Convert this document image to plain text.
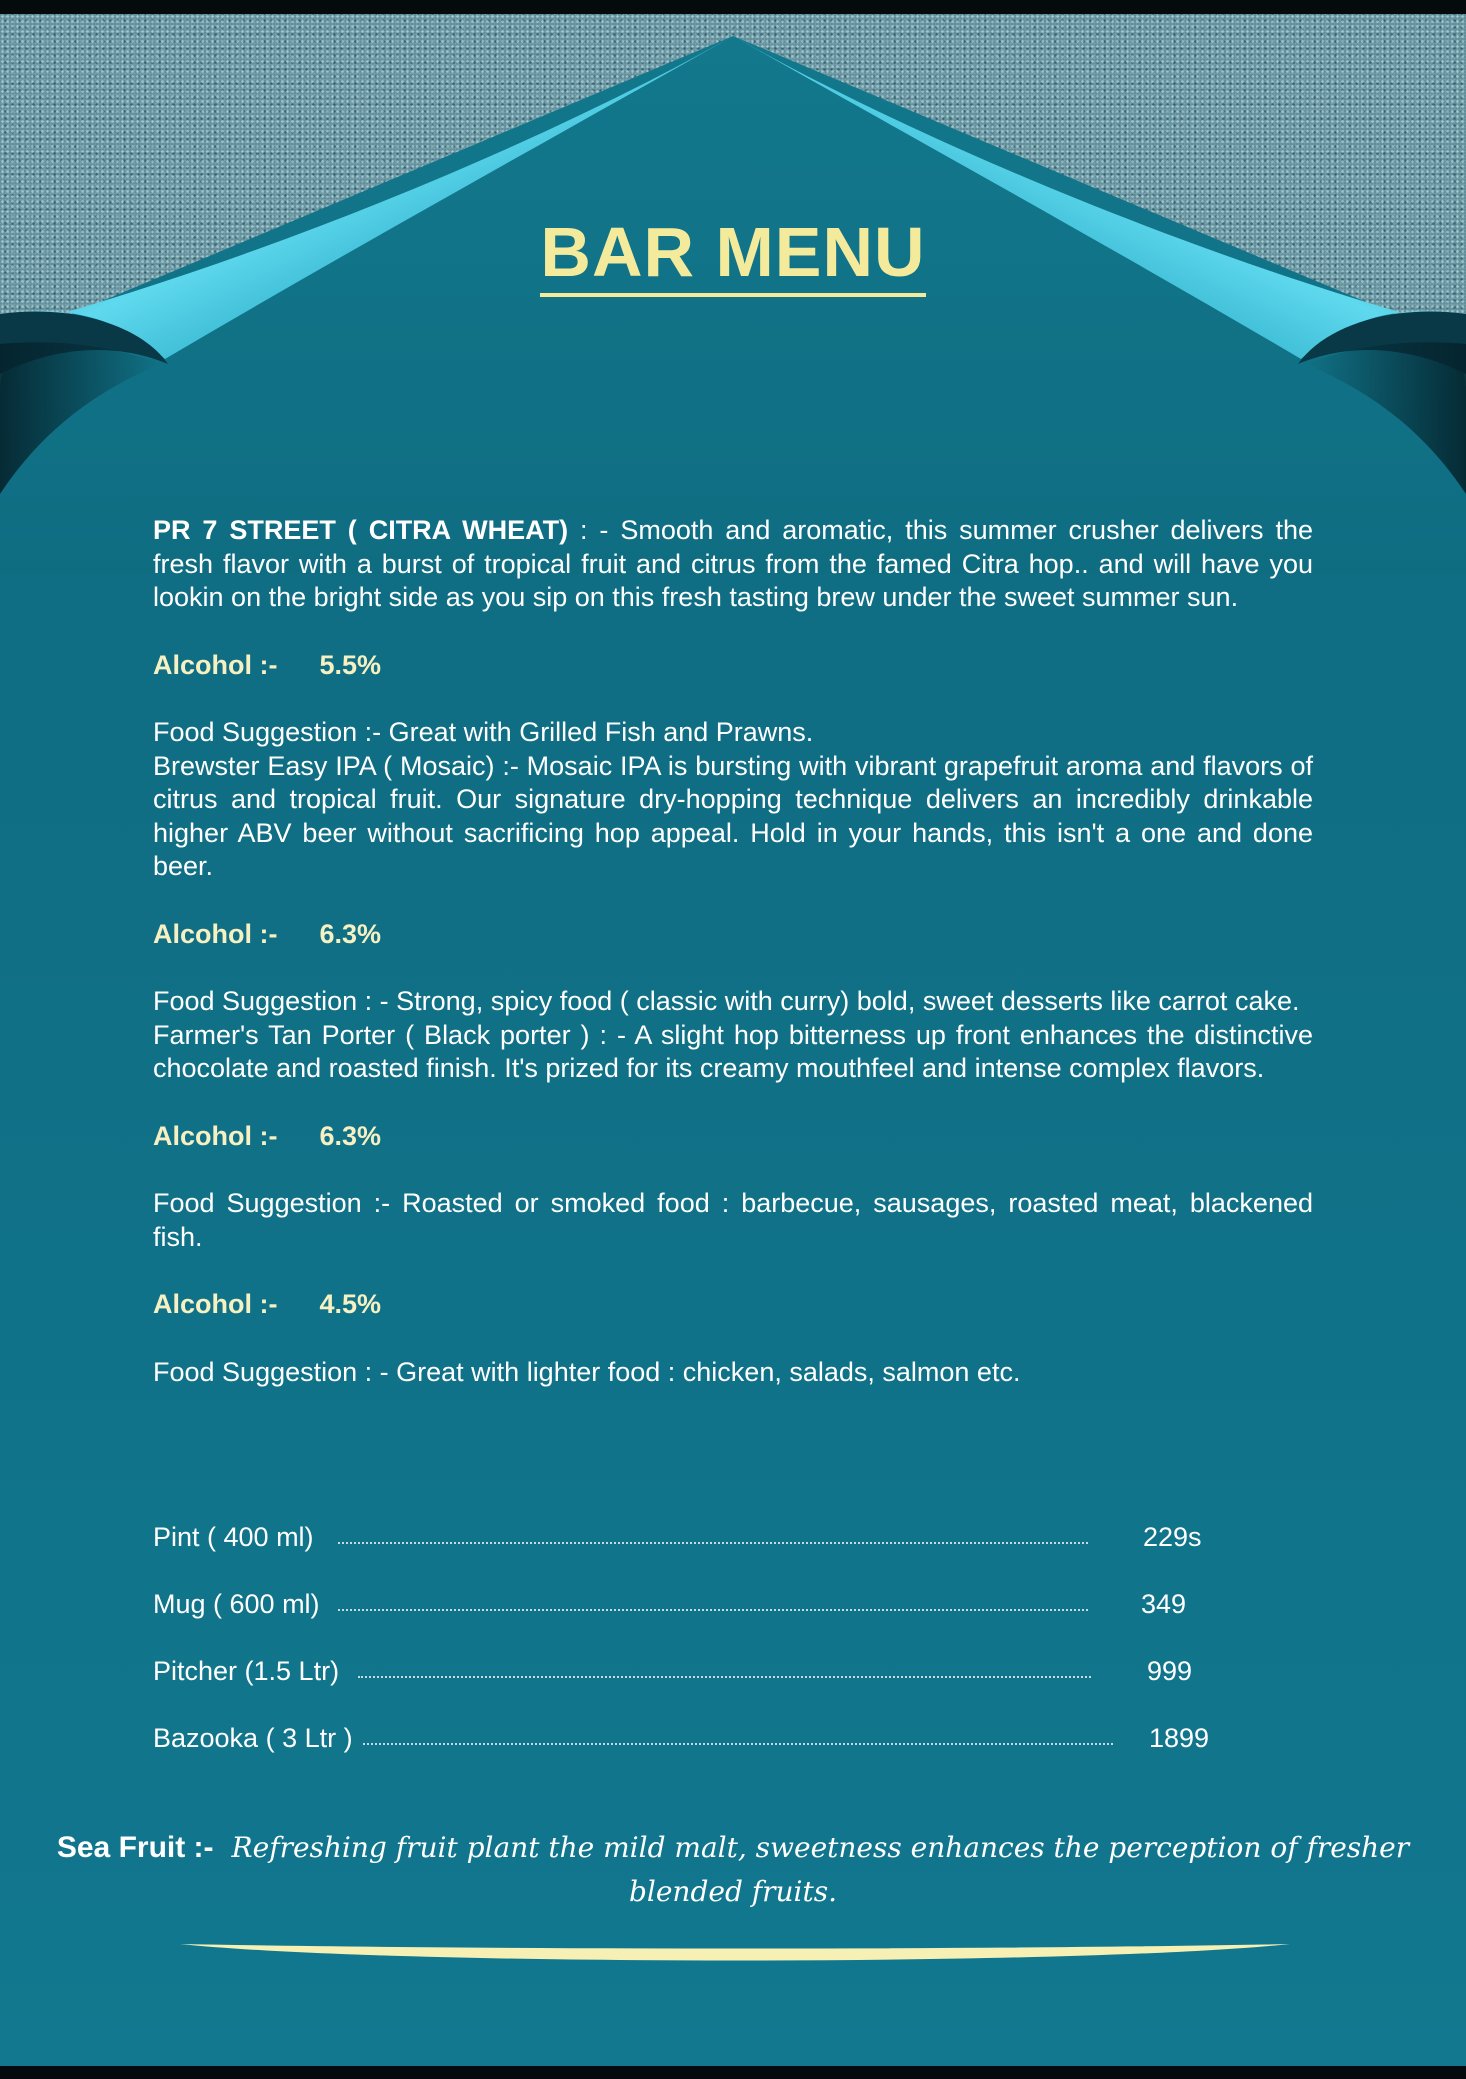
BAR MENU

PR 7 STREET ( CITRA WHEAT) : - Smooth and aromatic, this summer crusher delivers the fresh flavor with a burst of tropical fruit and citrus from the famed Citra hop.. and will have you lookin on the bright side as you sip on this fresh tasting brew under the sweet summer sun.

Alcohol :- 5.5%

Food Suggestion :- Great with Grilled Fish and Prawns.

Brewster Easy IPA ( Mosaic) :- Mosaic IPA is bursting with vibrant grapefruit aroma and flavors of citrus and tropical fruit. Our signature dry-hopping technique delivers an incredibly drinkable higher ABV beer without sacrificing hop appeal. Hold in your hands, this isn't a one and done beer.

Alcohol :- 6.3%

Food Suggestion : - Strong, spicy food ( classic with curry) bold, sweet desserts like carrot cake.

Farmer's Tan Porter ( Black porter ) : - A slight hop bitterness up front enhances the distinctive chocolate and roasted finish. It's prized for its creamy mouthfeel and intense complex flavors.

Alcohol :- 6.3%

Food Suggestion :- Roasted or smoked food : barbecue, sausages, roasted meat, blackened fish.

Alcohol :- 4.5%

Food Suggestion : - Great with lighter food : chicken, salads, salmon etc.

Pint ( 400 ml)	229s
Mug ( 600 ml)	349
Pitcher (1.5 Ltr)	999
Bazooka ( 3 Ltr )	1899
Sea Fruit :- Refreshing fruit plant the mild malt, sweetness enhances the perception of fresher blended fruits.
